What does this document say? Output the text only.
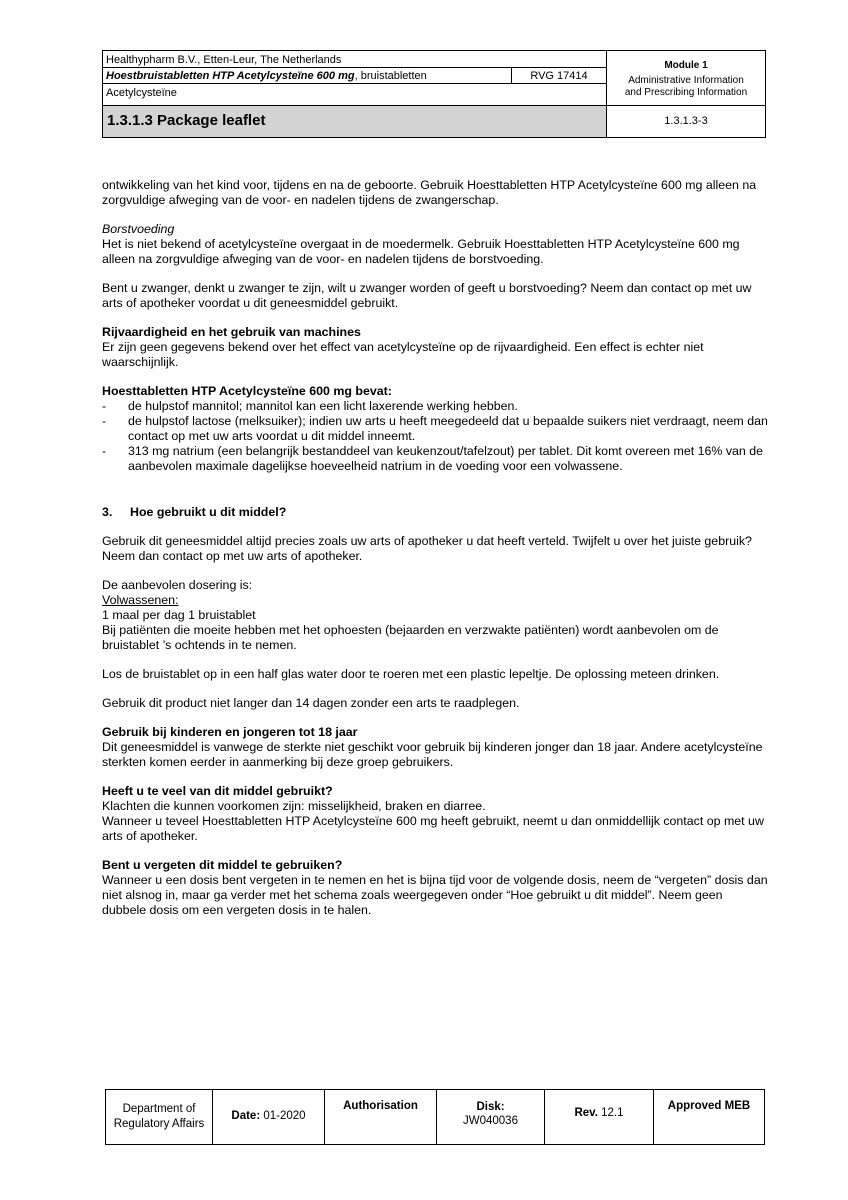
Healthypharm B.V., Etten-Leur, The Netherlands
Hoestbruistabletten HTP Acetylcysteïne 600 mg, bruistabletten	RVG 17414
Acetylcysteïne
1.3.1.3 Package leaflet
Module 1
Administrative Information
and Prescribing Information
1.3.1.3-3

ontwikkeling van het kind voor, tijdens en na de geboorte. Gebruik Hoesttabletten HTP Acetylcysteïne 600 mg alleen na zorgvuldige afweging van de voor- en nadelen tijdens de zwangerschap.

Borstvoeding

Het is niet bekend of acetylcysteïne overgaat in de moedermelk. Gebruik Hoesttabletten HTP Acetylcysteïne 600 mg alleen na zorgvuldige afweging van de voor- en nadelen tijdens de borstvoeding.

Bent u zwanger, denkt u zwanger te zijn, wilt u zwanger worden of geeft u borstvoeding? Neem dan contact op met uw arts of apotheker voordat u dit geneesmiddel gebruikt.

Rijvaardigheid en het gebruik van machines

Er zijn geen gegevens bekend over het effect van acetylcysteïne op de rijvaardigheid. Een effect is echter niet waarschijnlijk.

Hoesttabletten HTP Acetylcysteïne 600 mg bevat:

- de hulpstof mannitol; mannitol kan een licht laxerende werking hebben.

- de hulpstof lactose (melksuiker); indien uw arts u heeft meegedeeld dat u bepaalde suikers niet verdraagt, neem dan contact op met uw arts voordat u dit middel inneemt.

- 313 mg natrium (een belangrijk bestanddeel van keukenzout/tafelzout) per tablet. Dit komt overeen met 16% van de aanbevolen maximale dagelijkse hoeveelheid natrium in de voeding voor een volwassene.

3. Hoe gebruikt u dit middel?

Gebruik dit geneesmiddel altijd precies zoals uw arts of apotheker u dat heeft verteld. Twijfelt u over het juiste gebruik? Neem dan contact op met uw arts of apotheker.

De aanbevolen dosering is:

Volwassenen:

1 maal per dag 1 bruistablet

Bij patiënten die moeite hebben met het ophoesten (bejaarden en verzwakte patiënten) wordt aanbevolen om de bruistablet ’s ochtends in te nemen.

Los de bruistablet op in een half glas water door te roeren met een plastic lepeltje. De oplossing meteen drinken.

Gebruik dit product niet langer dan 14 dagen zonder een arts te raadplegen.

Gebruik bij kinderen en jongeren tot 18 jaar

Dit geneesmiddel is vanwege de sterkte niet geschikt voor gebruik bij kinderen jonger dan 18 jaar. Andere acetylcysteïne sterkten komen eerder in aanmerking bij deze groep gebruikers.

Heeft u te veel van dit middel gebruikt?

Klachten die kunnen voorkomen zijn: misselijkheid, braken en diarree.

Wanneer u teveel Hoesttabletten HTP Acetylcysteïne 600 mg heeft gebruikt, neemt u dan onmiddellijk contact op met uw arts of apotheker.

Bent u vergeten dit middel te gebruiken?

Wanneer u een dosis bent vergeten in te nemen en het is bijna tijd voor de volgende dosis, neem de “vergeten” dosis dan niet alsnog in, maar ga verder met het schema zoals weergegeven onder “Hoe gebruikt u dit middel”. Neem geen dubbele dosis om een vergeten dosis in te halen.

Department of
Regulatory Affairs
Date: 01-2020
Authorisation	Disk:
JW040036
Rev. 12.1
Approved MEB
